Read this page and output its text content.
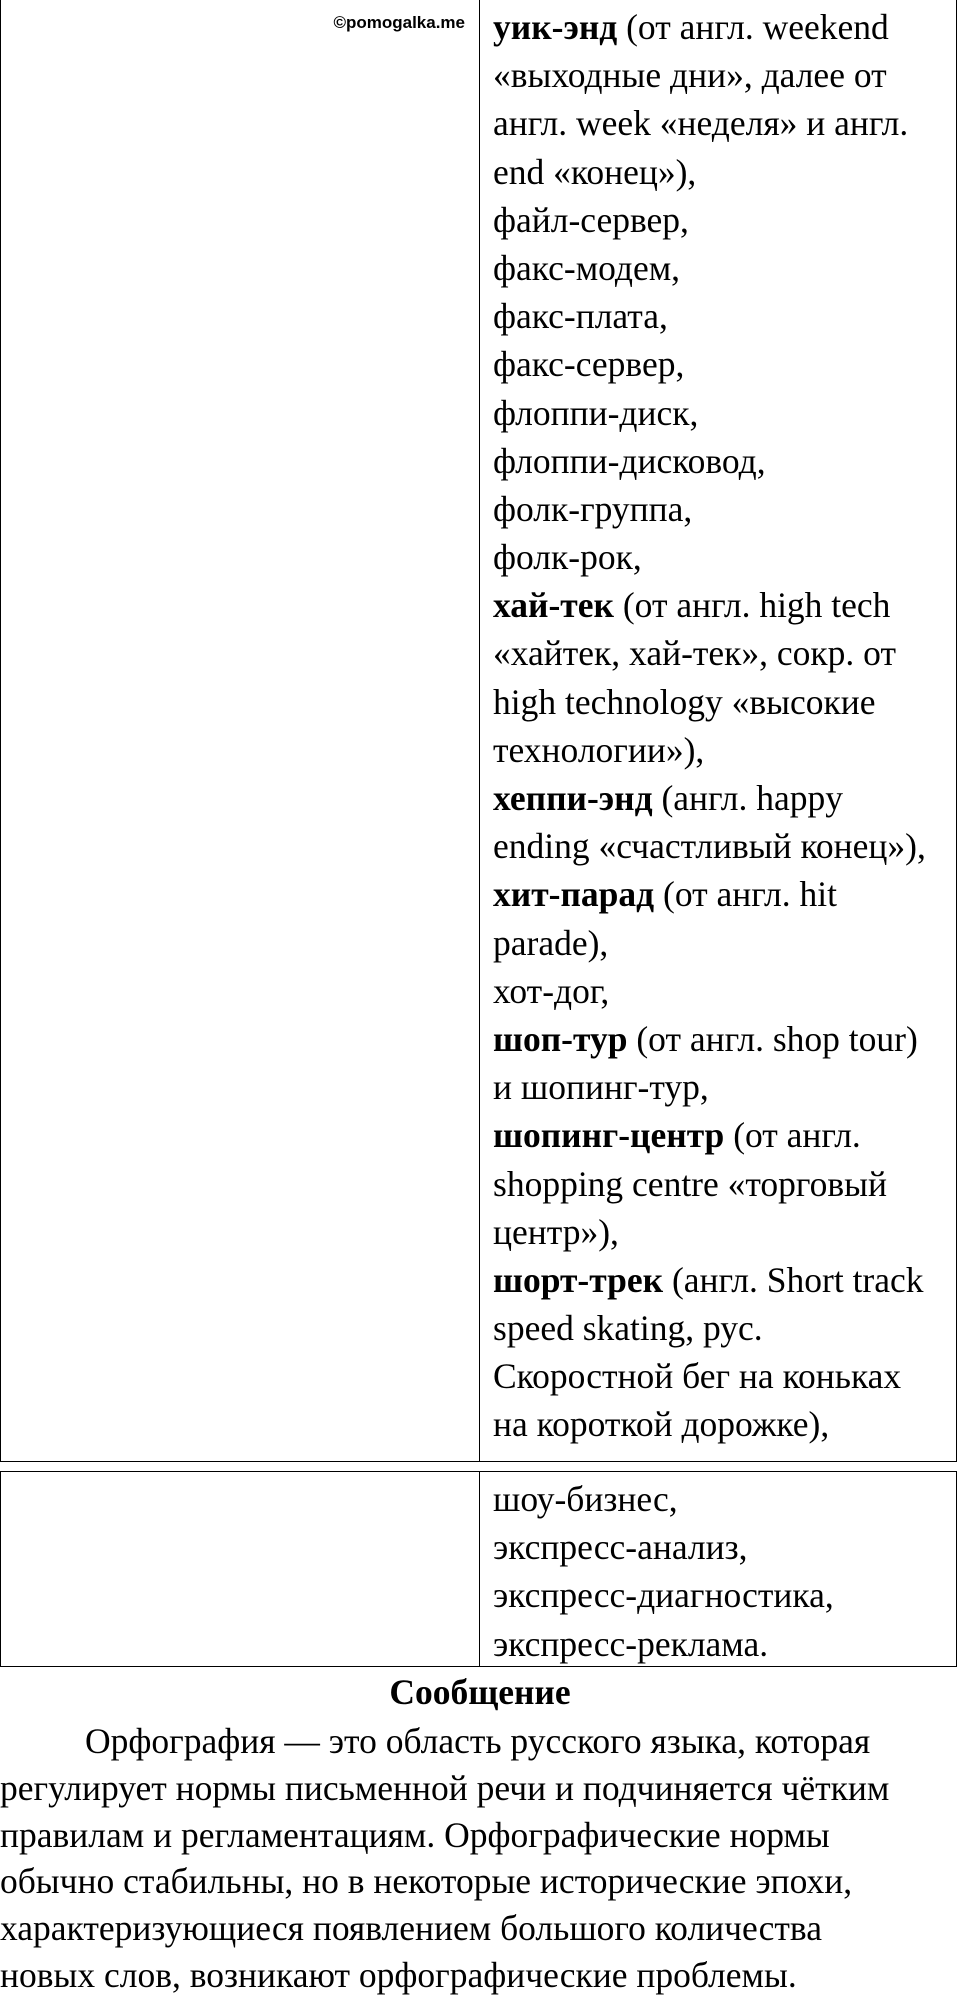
©pomogalka.me уик-энд (от англ. weekend
«выходные дни», далее от
англ. week «неделя» и англ.
end «конец»),
файл-сервер,
факс-модем,
факс-плата,
факс-сервер,
флоппи-диск,
флоппи-дисковод,
фолк-группа,
фолк-рок,
хай-тек (от англ. high tech
«хайтек, хай-тек», сокр. от
high technology «высокие
технологии»),
хеппи-энд (англ. happy
ending «счастливый конец»),
хит-парад (от англ. hit
parade),
хот-дог,
шоп-тур (от англ. shop tour)
и шопинг-тур,
шопинг-центр (от англ.
shopping centre «торговый
центр»),
шорт-трек (англ. Short track
speed skating, рус.
Скоростной бег на коньках
на короткой дорожке),
шоу-бизнес,
экспресс-анализ,
экспресс-диагностика,
экспресс-реклама.
Сообщение
Орфография — это область русского языка, которая
регулирует нормы письменной речи и подчиняется чётким
правилам и регламентациям. Орфографические нормы
обычно стабильны, но в некоторые исторические эпохи,
характеризующиеся появлением большого количества
новых слов, возникают орфографические проблемы.
